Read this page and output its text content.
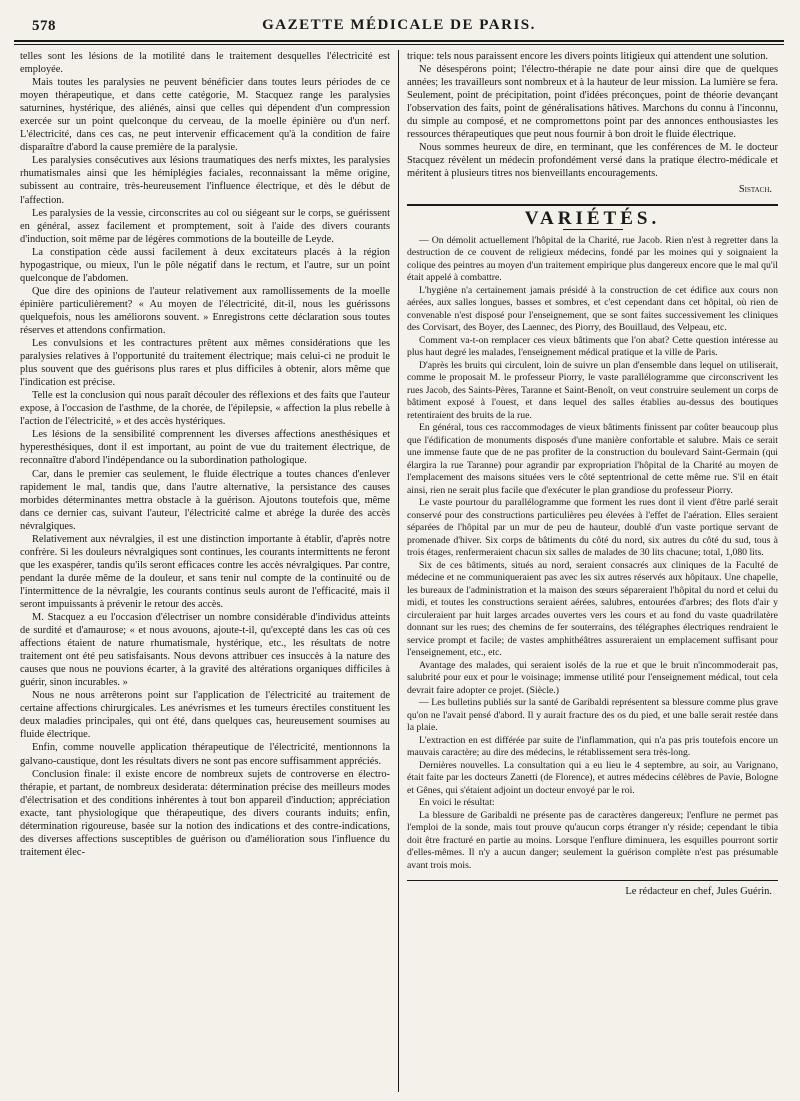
578	GAZETTE MÉDICALE DE PARIS.

telles sont les lésions de la motilité dans le traitement desquelles l'électricité est employée.

Mais toutes les paralysies ne peuvent bénéficier dans toutes leurs périodes de ce moyen thérapeutique, et dans cette catégorie, M. Stacquez range les paralysies saturnines, hystérique, des aliénés, ainsi que celles qui dépendent d'un compression exercée sur un point quelconque du cerveau, de la moelle épinière ou d'un nerf. L'électricité, dans ces cas, ne peut intervenir efficacement qu'à la condition de faire disparaître d'abord la cause première de la paralysie.

Les paralysies consécutives aux lésions traumatiques des nerfs mixtes, les paralysies rhumatismales ainsi que les hémiplégies faciales, reconnaissant la même origine, subissent au contraire, très-heureusement l'influence électrique, et dès le début de l'affection.

Les paralysies de la vessie, circonscrites au col ou siégeant sur le corps, se guérissent en général, assez facilement et promptement, soit à l'aide des divers courants d'induction, soit même par de légères commotions de la bouteille de Leyde.

La constipation cède aussi facilement à deux excitateurs placés à la région hypogastrique, ou mieux, l'un le pôle négatif dans le rectum, et l'autre, sur un point quelconque de l'abdomen.

Que dire des opinions de l'auteur relativement aux ramollissements de la moelle épinière particulièrement? « Au moyen de l'électricité, dit-il, nous les guérissons quelquefois, nous les améliorons souvent. » Enregistrons cette déclaration sous toutes réserves et attendons confirmation.

Les convulsions et les contractures prêtent aux mêmes considérations que les paralysies relatives à l'opportunité du traitement électrique; mais celui-ci ne produit le plus souvent que des guérisons plus rares et plus difficiles à obtenir, alors même que l'indication est précise.

Telle est la conclusion qui nous paraît découler des réflexions et des faits que l'auteur expose, à l'occasion de l'asthme, de la chorée, de l'épilepsie, « affection la plus rebelle à l'action de l'électricité, » et des accès hystériques.

Les lésions de la sensibilité comprennent les diverses affections anesthésiques et hyperesthésiques, dont il est important, au point de vue du traitement électrique, de reconnaître d'abord l'indépendance ou la subordination pathologique.

Car, dans le premier cas seulement, le fluide électrique a toutes chances d'enlever rapidement le mal, tandis que, dans l'autre alternative, la persistance des causes morbides déterminantes mettra obstacle à la guérison. Ajoutons toutefois que, même dans ce dernier cas, suivant l'auteur, l'électricité calme et abrége la durée des accès névralgiques.

Relativement aux névralgies, il est une distinction importante à établir, d'après notre confrère. Si les douleurs névralgiques sont continues, les courants intermittents ne feront que les exaspérer, tandis qu'ils seront efficaces contre les accès névralgiques. Par contre, pendant la durée même de la douleur, et sans tenir nul compte de la continuité ou de l'intermittence de la névralgie, les courants continus seuls auront de l'efficacité, mais il seront impuissants à prévenir le retour des accès.

M. Stacquez a eu l'occasion d'électriser un nombre considérable d'individus atteints de surdité et d'amaurose; « et nous avouons, ajoute-t-il, qu'excepté dans les cas où ces affections étaient de nature rhumatismale, hystérique, etc., les résultats de notre traitement ont été peu satisfaisants. Nous devons attribuer ces insuccès à la nature des causes que nous ne pouvions écarter, à la gravité des altérations organiques difficiles à guérir, sinon incurables. »

Nous ne nous arrêterons point sur l'application de l'électricité au traitement de certaine affections chirurgicales. Les anévrismes et les tumeurs érectiles constituent les deux maladies principales, qui ont été, dans quelques cas, heureusement soumises au fluide électrique.

Enfin, comme nouvelle application thérapeutique de l'électricité, mentionnons la galvano-caustique, dont les résultats divers ne sont pas encore suffisamment appréciés.

Conclusion finale: il existe encore de nombreux sujets de controverse en électro-thérapie, et partant, de nombreux desiderata: détermination précise des meilleurs modes d'électrisation et des conditions inhérentes à tout bon appareil d'induction; appréciation exacte, tant physiologique que thérapeutique, des divers courants induits; enfin, détermination rigoureuse, basée sur la notion des indications et des contre-indications, des diverses affections susceptibles de guérison ou d'amélioration sous l'influence du traitement élec-

trique: tels nous paraissent encore les divers points litigieux qui attendent une solution.

Ne désespérons point; l'électro-thérapie ne date pour ainsi dire que de quelques années; les travailleurs sont nombreux et à la hauteur de leur mission. La lumière se fera. Seulement, point de précipitation, point d'idées préconçues, point de théorie devançant l'observation des faits, point de généralisations hâtives. Marchons du connu à l'inconnu, du simple au composé, et ne compromettons point par des annonces enthousiastes les ressources thérapeutiques que peut nous fournir à bon droit le fluide électrique.

Nous sommes heureux de dire, en terminant, que les conférences de M. le docteur Stacquez révèlent un médecin profondément versé dans la pratique électro-médicale et méritent à plusieurs titres nos bienveillants encouragements.

Sistach.
VARIÉTÉS.

— On démolit actuellement l'hôpital de la Charité, rue Jacob. Rien n'est à regretter dans la destruction de ce couvent de religieux médecins, fondé par les moines qui y soignaient la colique des peintres au moyen d'un traitement empirique plus dangereux encore que le mal qu'il était appelé à combattre.

L'hygiène n'a certainement jamais présidé à la construction de cet édifice aux cours non aérées, aux salles longues, basses et sombres, et c'est cependant dans cet hôpital, où rien de convenable n'est disposé pour l'enseignement, que se sont faites successivement les cliniques des Corvisart, des Boyer, des Laennec, des Piorry, des Bouillaud, des Velpeau, etc.

Comment va-t-on remplacer ces vieux bâtiments que l'on abat? Cette question intéresse au plus haut degré les malades, l'enseignement médical pratique et la ville de Paris.

D'après les bruits qui circulent, loin de suivre un plan d'ensemble dans lequel on utiliserait, comme le proposait M. le professeur Piorry, le vaste parallélogramme que circonscrivent les rues Jacob, des Saints-Pères, Taranne et Saint-Benoît, on veut construire seulement un corps de bâtiment exposé à l'ouest, et dans lequel des salles établies au-dessus des boutiques retentiraient des bruits de la rue.

En général, tous ces raccommodages de vieux bâtiments finissent par coûter beaucoup plus que l'édification de monuments disposés d'une manière confortable et salubre. Mais ce serait une immense faute que de ne pas profiter de la construction du boulevard Saint-Germain (qui élargira la rue Taranne) pour agrandir par expropriation l'hôpital de la Charité au moyen de l'emplacement des maisons situées vers le côté septentrional de cette même rue. S'il en était ainsi, rien ne serait plus facile que d'exécuter le plan grandiose du professeur Piorry.

Le vaste pourtour du parallélogramme que forment les rues dont il vient d'être parlé serait conservé pour des constructions particulières peu élevées à l'effet de l'aération. Elles seraient séparées de l'hôpital par un mur de peu de hauteur, doublé d'un vaste portique servant de promenade d'hiver. Six corps de bâtiments du côté du nord, six autres du côté du sud, tous à trois étages, renfermeraient chacun six salles de malades de 30 lits chacune; total, 1,080 lits.

Six de ces bâtiments, situés au nord, seraient consacrés aux cliniques de la Faculté de médecine et ne communiqueraient pas avec les six autres réservés aux hôpitaux. Une chapelle, les bureaux de l'administration et la maison des sœurs sépareraient l'hôpital du nord et celui du midi, et toutes les constructions seraient aérées, salubres, entourées d'arbres; des flots d'air y circuleraient par huit larges arcades ouvertes vers les cours et au fond du vaste quadrilatère donnant sur les rues; des chemins de fer souterrains, des télégraphes électriques rendraient le service prompt et facile; de vastes amphithéâtres assureraient un emplacement suffisant pour l'enseignement, etc., etc.

Avantage des malades, qui seraient isolés de la rue et que le bruit n'incommoderait pas, salubrité pour eux et pour le voisinage; immense utilité pour l'enseignement médical, tout cela devrait faire adopter ce projet. (Siècle.)

— Les bulletins publiés sur la santé de Garibaldi représentent sa blessure comme plus grave qu'on ne l'avait pensé d'abord. Il y aurait fracture des os du pied, et une balle serait restée dans la plaie.

L'extraction en est différée par suite de l'inflammation, qui n'a pas pris toutefois encore un mauvais caractère; au dire des médecins, le rétablissement sera très-long.

Dernières nouvelles. La consultation qui a eu lieu le 4 septembre, au soir, au Varignano, était faite par les docteurs Zanetti (de Florence), et autres médecins célèbres de Pavie, Bologne et Gênes, qui s'étaient adjoint un docteur envoyé par le roi.

En voici le résultat:

La blessure de Garibaldi ne présente pas de caractères dangereux; l'enflure ne permet pas l'emploi de la sonde, mais tout prouve qu'aucun corps étranger n'y réside; cependant le tibia doit être fracturé en partie au moins. Lorsque l'enflure diminuera, les esquilles pourront sortir d'elles-mêmes. Il n'y a aucun danger; seulement la guérison complète n'est pas présumable avant trois mois.

Le rédacteur en chef, Jules Guérin.
